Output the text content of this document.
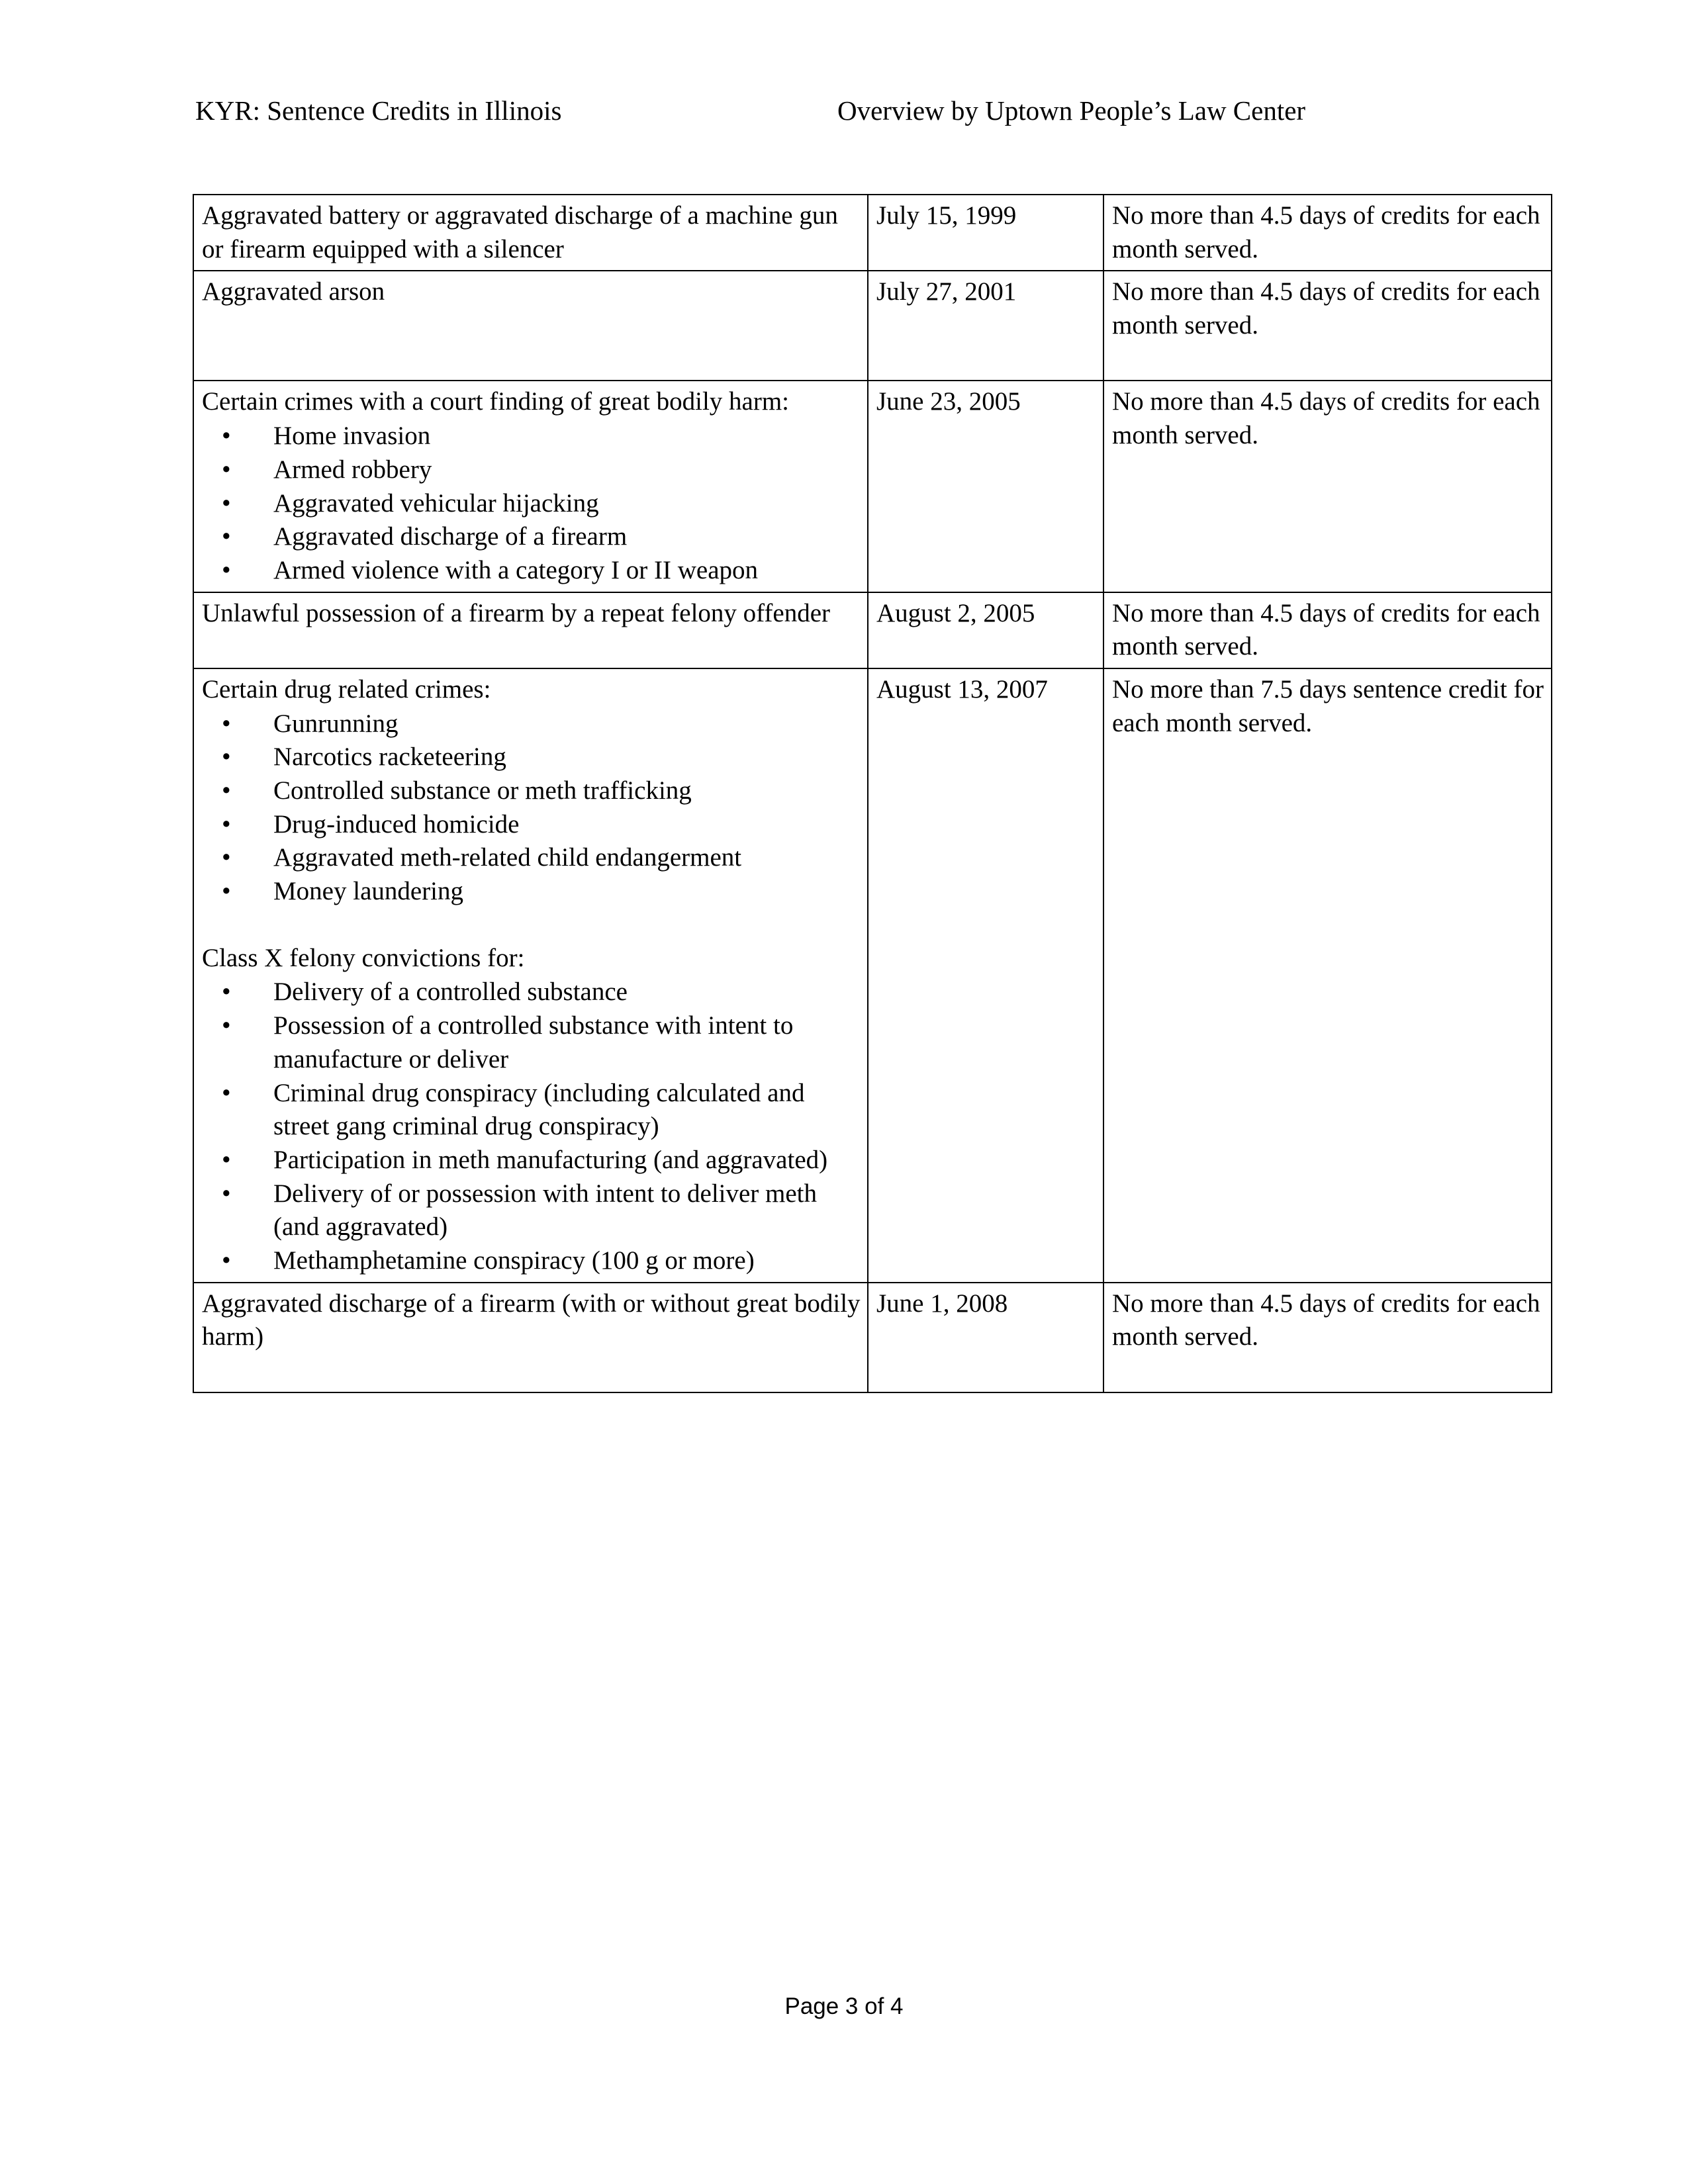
KYR: Sentence Credits in Illinois	Overview by Uptown People’s Law Center

Aggravated battery or aggravated discharge of a machine gun or firearm equipped with a silencer	July 15, 1999	No more than 4.5 days of credits for each month served.

Aggravated arson	July 27, 2001	No more than 4.5 days of credits for each month served.

Certain crimes with a court finding of great bodily harm:

• Home invasion
• Armed robbery
• Aggravated vehicular hijacking
• Aggravated discharge of a firearm
• Armed violence with a category I or II weapon
	June 23, 2005	No more than 4.5 days of credits for each month served.

Unlawful possession of a firearm by a repeat felony offender	August 2, 2005	No more than 4.5 days of credits for each month served.

Certain drug related crimes:

• Gunrunning
• Narcotics racketeering
• Controlled substance or meth trafficking
• Drug-induced homicide
• Aggravated meth-related child endangerment
• Money laundering

Class X felony convictions for:

• Delivery of a controlled substance
• Possession of a controlled substance with intent to manufacture or deliver
• Criminal drug conspiracy (including calculated and street gang criminal drug conspiracy)
• Participation in meth manufacturing (and aggravated)
• Delivery of or possession with intent to deliver meth (and aggravated)
• Methamphetamine conspiracy (100 g or more)
	August 13, 2007	No more than 7.5 days sentence credit for each month served.

Aggravated discharge of a firearm (with or without great bodily harm)	June 1, 2008	No more than 4.5 days of credits for each month served.
Page 3 of 4
